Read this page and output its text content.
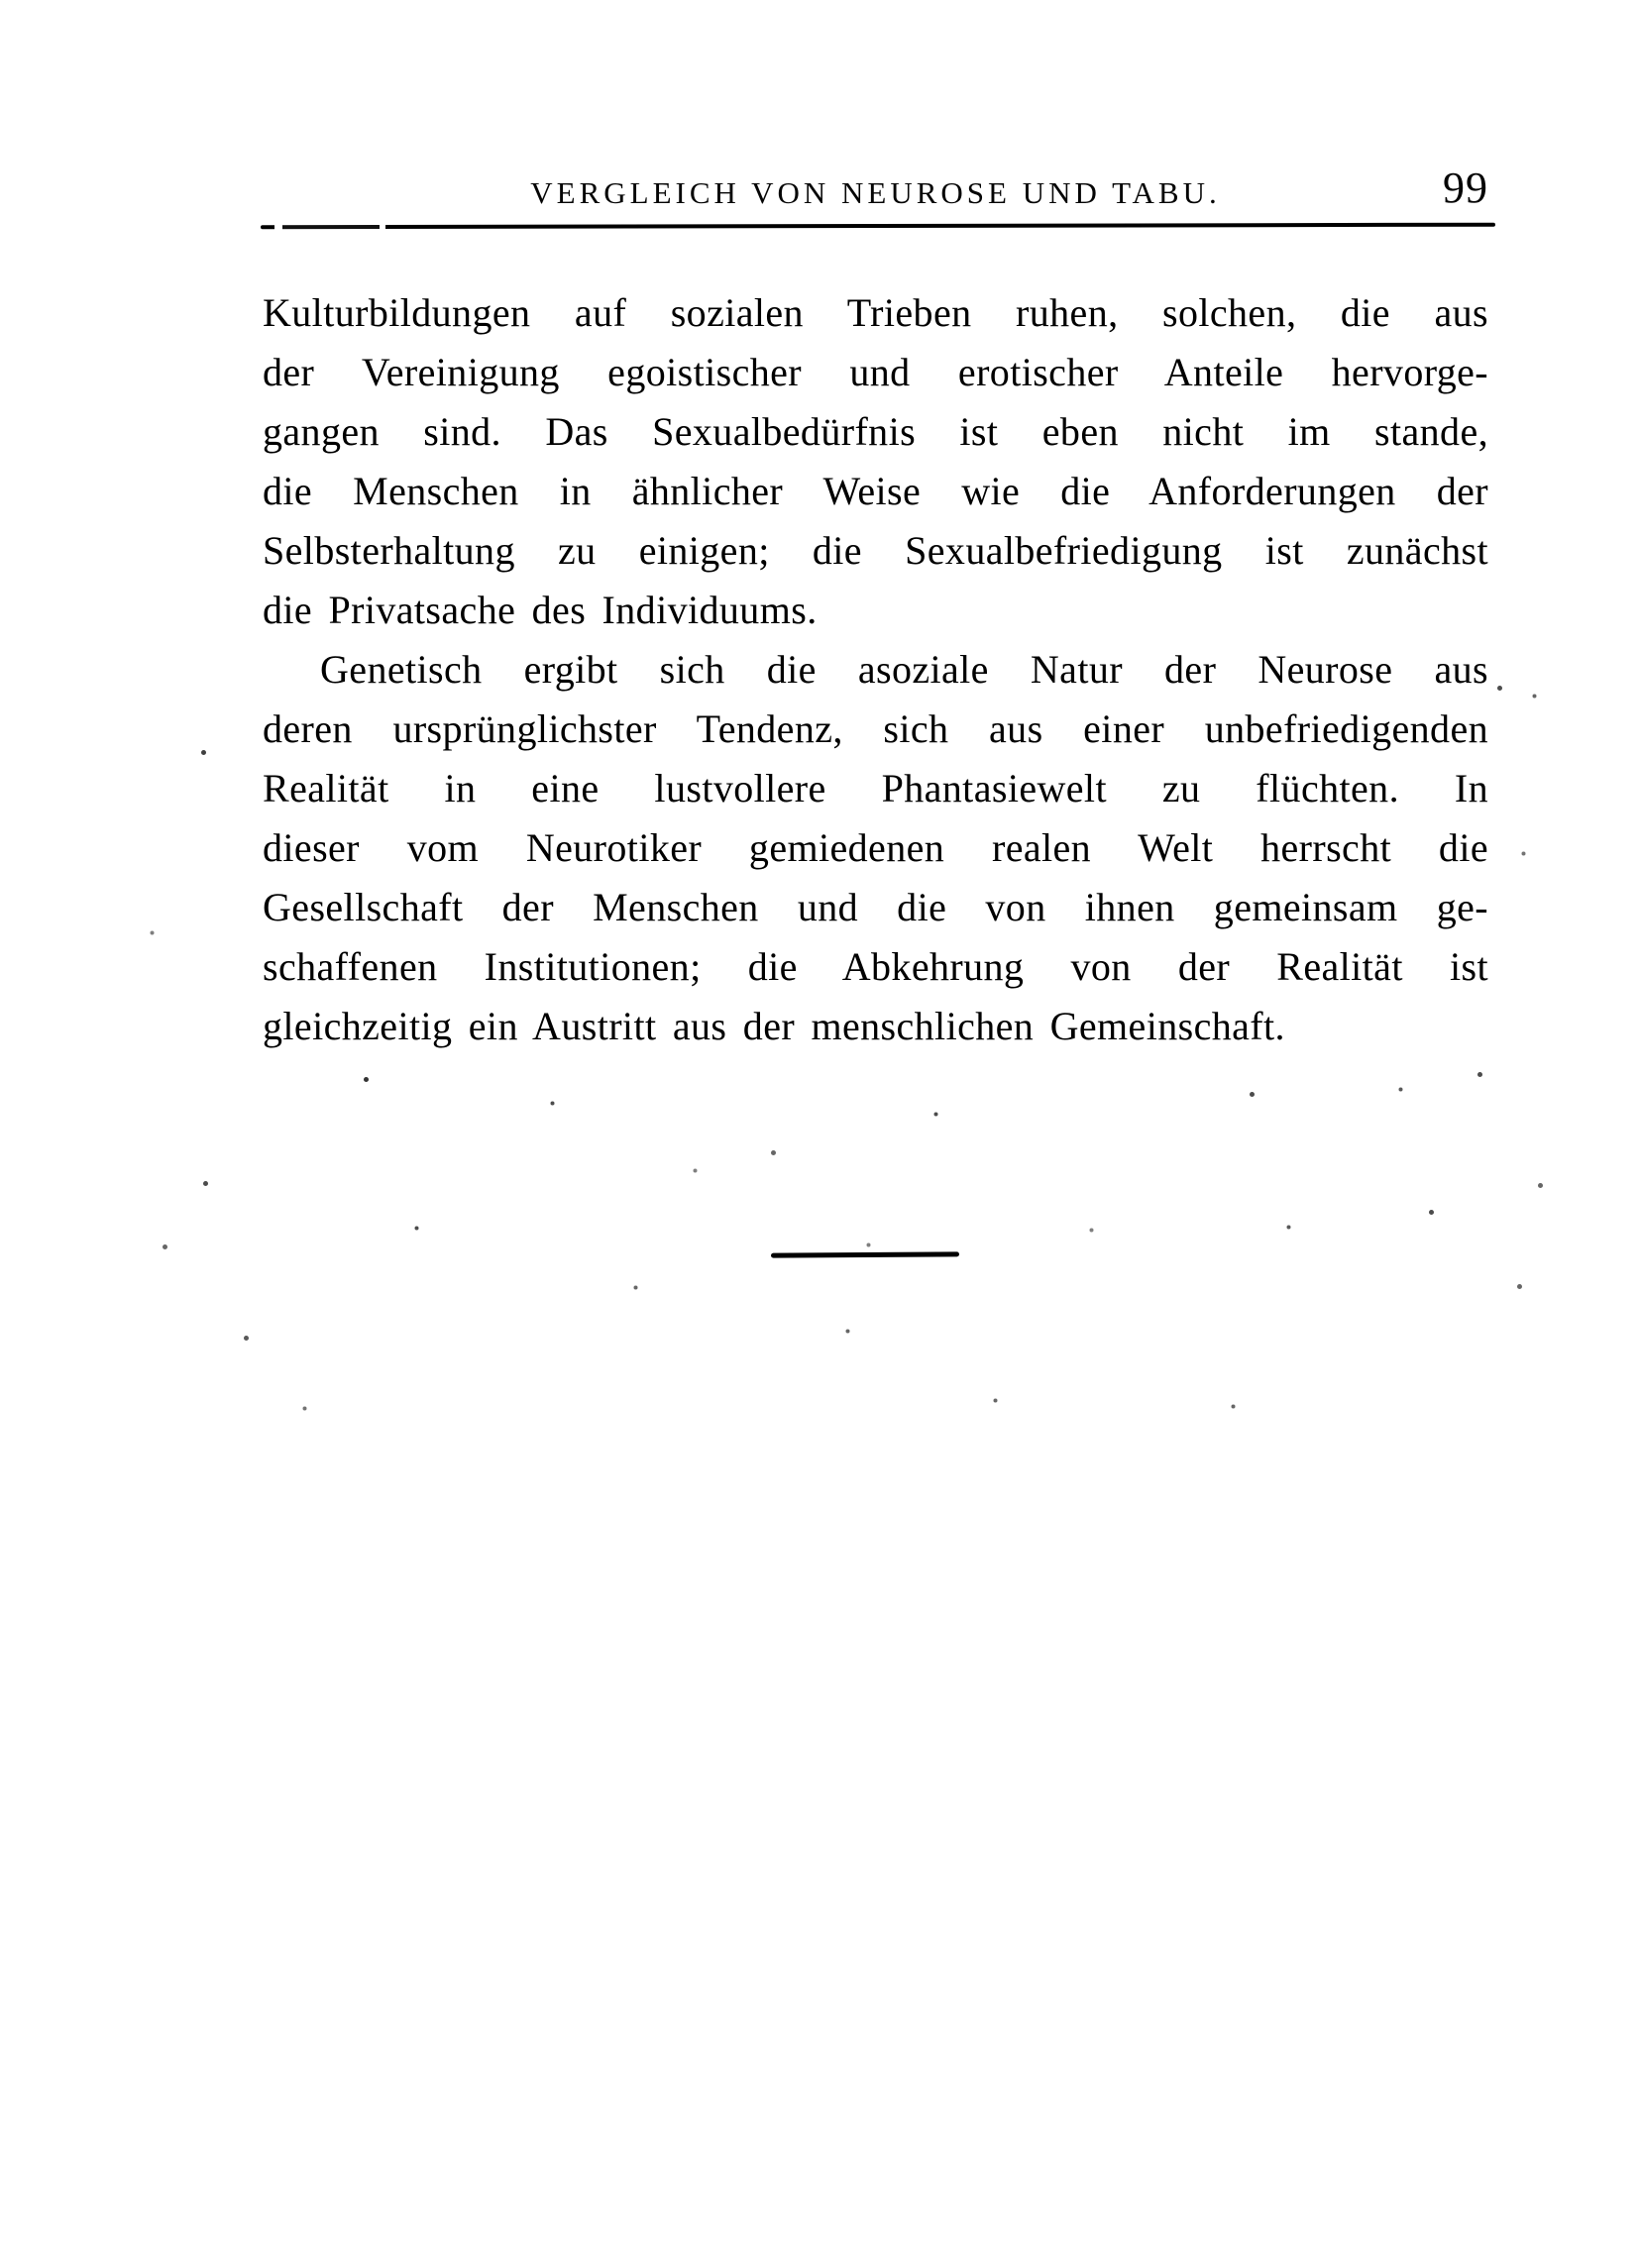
VERGLEICH VON NEUROSE UND TABU.	99
Kulturbildungen auf sozialen Trieben ruhen, solchen, die aus
der Vereinigung egoistischer und erotischer Anteile hervorge-
gangen sind. Das Sexualbedürfnis ist eben nicht im stande,
die Menschen in ähnlicher Weise wie die Anforderungen der
Selbsterhaltung zu einigen; die Sexualbefriedigung ist zunächst
die Privatsache des Individuums.
Genetisch ergibt sich die asoziale Natur der Neurose aus
deren ursprünglichster Tendenz, sich aus einer unbefriedigenden
Realität in eine lustvollere Phantasiewelt zu flüchten. In
dieser vom Neurotiker gemiedenen realen Welt herrscht die
Gesellschaft der Menschen und die von ihnen gemeinsam ge-
schaffenen Institutionen; die Abkehrung von der Realität ist
gleichzeitig ein Austritt aus der menschlichen Gemeinschaft.
